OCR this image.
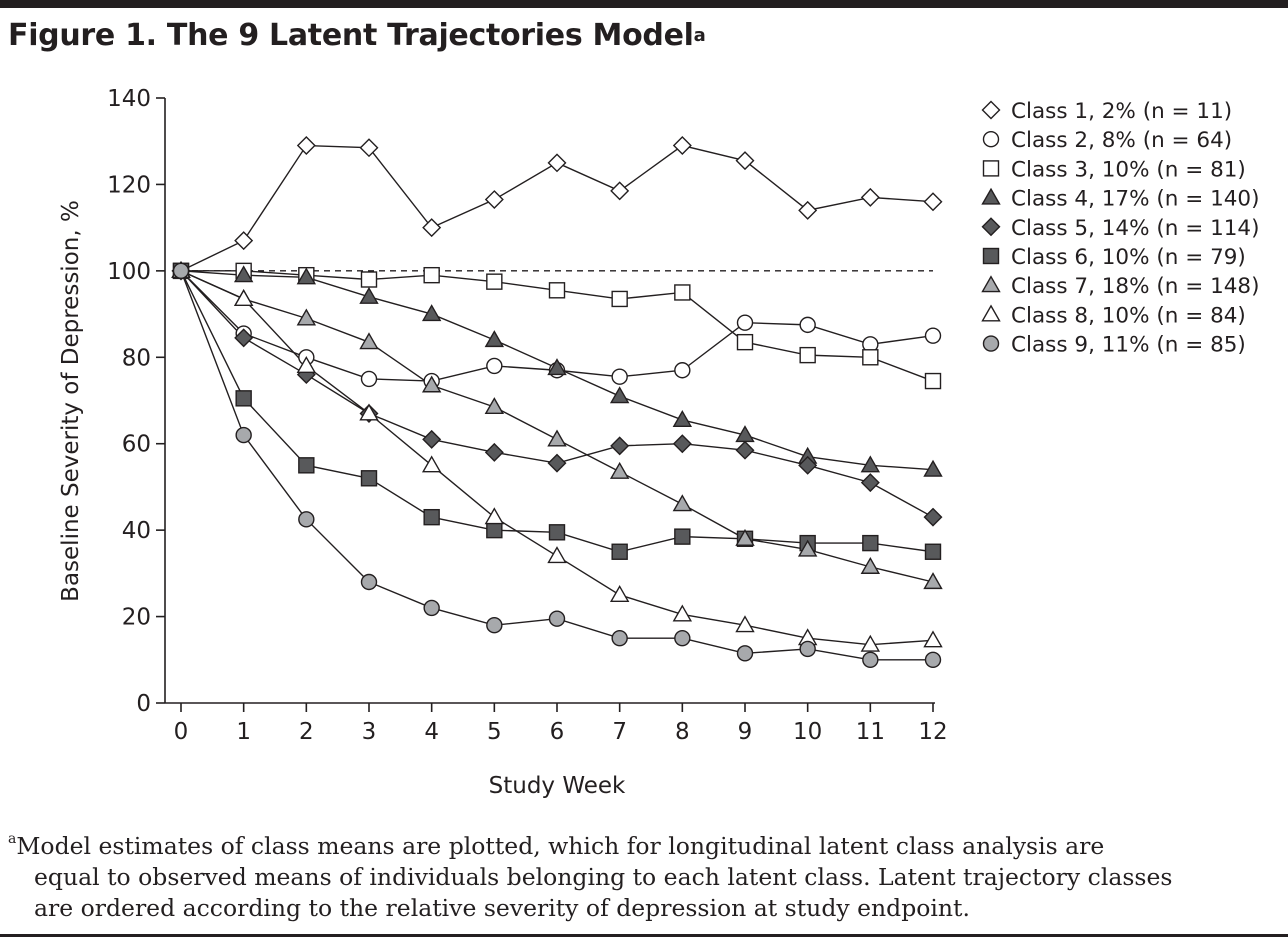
Figure 1. The 9 Latent Trajectories Model$^a$
0
20
40
60
80
100
120
140
0 1 2 3 4 5 6 7 8 9 10 11 12
Class 1, 2% (n = 11)
Class 2, 8% (n = 64)
Class 3, 10% (n = 81)
Class 4, 17% (n = 140)
Class 5, 14% (n = 114)
Class 6, 10% (n = 79)
Class 7, 18% (n = 148)
Class 8, 10% (n = 84)
Class 9, 11% (n = 85)
Study Week
Baseline Severity of Depression, %
$^a$Model estimates of class means are plotted, which for longitudinal latent class analysis are
equal to observed means of individuals belonging to each latent class. Latent trajectory classes
are ordered according to the relative severity of depression at study endpoint.
